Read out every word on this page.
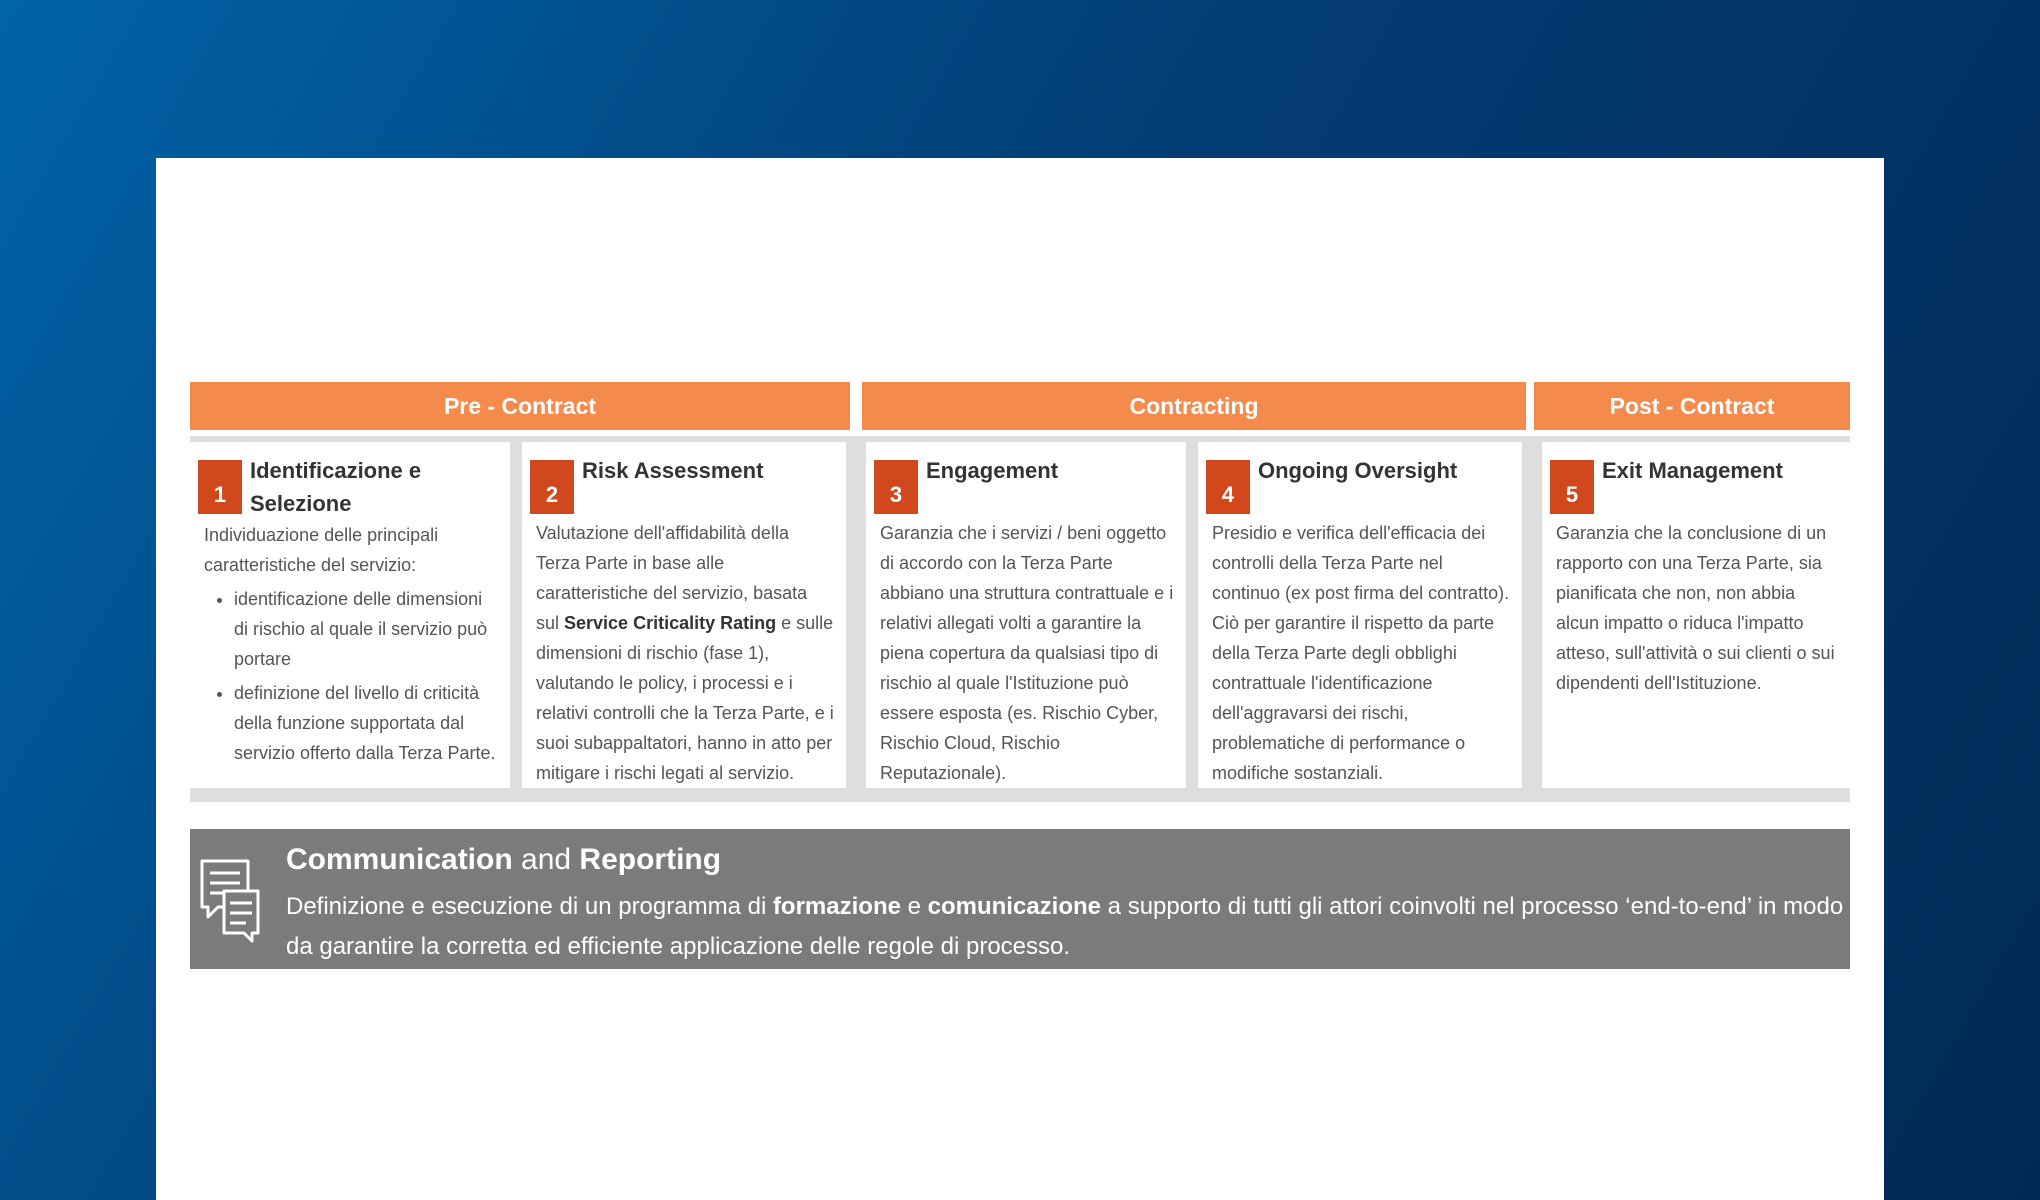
Pre - Contract	Contracting	Post - Contract
1
Identificazione e Selezione
Individuazione delle principali caratteristiche del servizio:
• identificazione delle dimensioni di rischio al quale il servizio può portare
• definizione del livello di criticità della funzione supportata dal servizio offerto dalla Terza Parte.
2
Risk Assessment
Valutazione dell'affidabilità della Terza Parte in base alle caratteristiche del servizio, basata sul Service Criticality Rating e sulle dimensioni di rischio (fase 1), valutando le policy, i processi e i relativi controlli che la Terza Parte, e i suoi subappaltatori, hanno in atto per mitigare i rischi legati al servizio.
3
Engagement
Garanzia che i servizi / beni oggetto di accordo con la Terza Parte abbiano una struttura contrattuale e i relativi allegati volti a garantire la piena copertura da qualsiasi tipo di rischio al quale l'Istituzione può essere esposta (es. Rischio Cyber, Rischio Cloud, Rischio Reputazionale).
4
Ongoing Oversight
Presidio e verifica dell'efficacia dei controlli della Terza Parte nel continuo (ex post firma del contratto). Ciò per garantire il rispetto da parte della Terza Parte degli obblighi contrattuale l'identificazione dell'aggravarsi dei rischi, problematiche di performance o modifiche sostanziali.
5
Exit Management
Garanzia che la conclusione di un rapporto con una Terza Parte, sia pianificata che non, non abbia alcun impatto o riduca l'impatto atteso, sull'attività o sui clienti o sui dipendenti dell'Istituzione.
Communication and Reporting
Definizione e esecuzione di un programma di formazione e comunicazione a supporto di tutti gli attori coinvolti nel processo ‘end-to-end’ in modo da garantire la corretta ed efficiente applicazione delle regole di processo.
